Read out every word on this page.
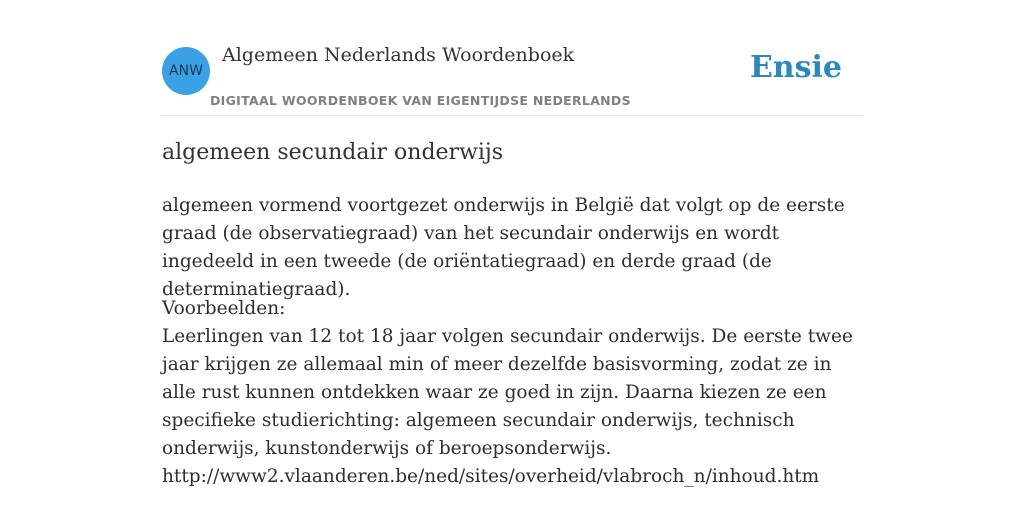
ANW
Algemeen Nederlands Woordenboek
DIGITAAL WOORDENBOEK VAN EIGENTIJDSE NEDERLANDS
Ensie
algemeen secundair onderwijs

algemeen vormend voortgezet onderwijs in België dat volgt op de eerste graad (de observatiegraad) van het secundair onderwijs en wordt ingedeeld in een tweede (de oriëntatiegraad) en derde graad (de determinatiegraad).

Voorbeelden:
Leerlingen van 12 tot 18 jaar volgen secundair onderwijs. De eerste twee jaar krijgen ze allemaal min of meer dezelfde basisvorming, zodat ze in alle rust kunnen ontdekken waar ze goed in zijn. Daarna kiezen ze een specifieke studierichting: algemeen secundair onderwijs, technisch onderwijs, kunstonderwijs of beroepsonderwijs.
http://www2.vlaanderen.be/ned/sites/overheid/vlabroch_n/inhoud.htm
